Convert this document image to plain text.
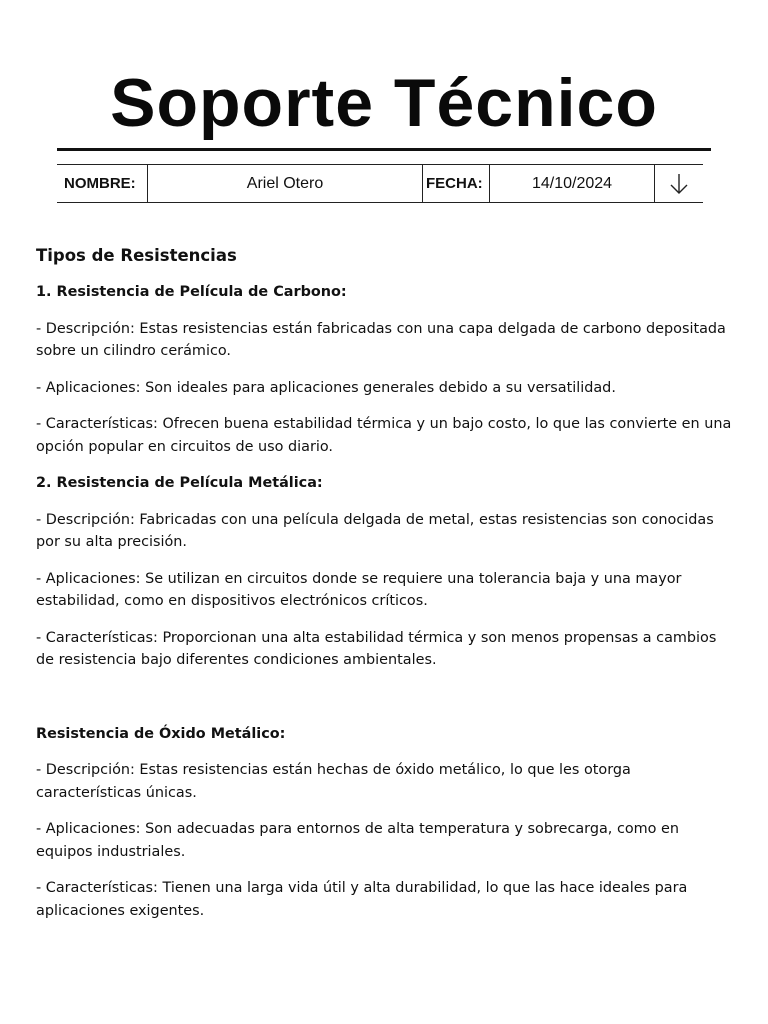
Soporte Técnico
NOMBRE:	Ariel Otero	FECHA:	14/10/2024
Tipos de Resistencias
1. Resistencia de Película de Carbono:

- Descripción: Estas resistencias están fabricadas con una capa delgada de carbono depositada sobre un cilindro cerámico.

- Aplicaciones: Son ideales para aplicaciones generales debido a su versatilidad.

- Características: Ofrecen buena estabilidad térmica y un bajo costo, lo que las convierte en una opción popular en circuitos de uso diario.

2. Resistencia de Película Metálica:

- Descripción: Fabricadas con una película delgada de metal, estas resistencias son conocidas por su alta precisión.

- Aplicaciones: Se utilizan en circuitos donde se requiere una tolerancia baja y una mayor estabilidad, como en dispositivos electrónicos críticos.

- Características: Proporcionan una alta estabilidad térmica y son menos propensas a cambios de resistencia bajo diferentes condiciones ambientales.

Resistencia de Óxido Metálico:

- Descripción: Estas resistencias están hechas de óxido metálico, lo que les otorga características únicas.

- Aplicaciones: Son adecuadas para entornos de alta temperatura y sobrecarga, como en equipos industriales.

- Características: Tienen una larga vida útil y alta durabilidad, lo que las hace ideales para aplicaciones exigentes.
